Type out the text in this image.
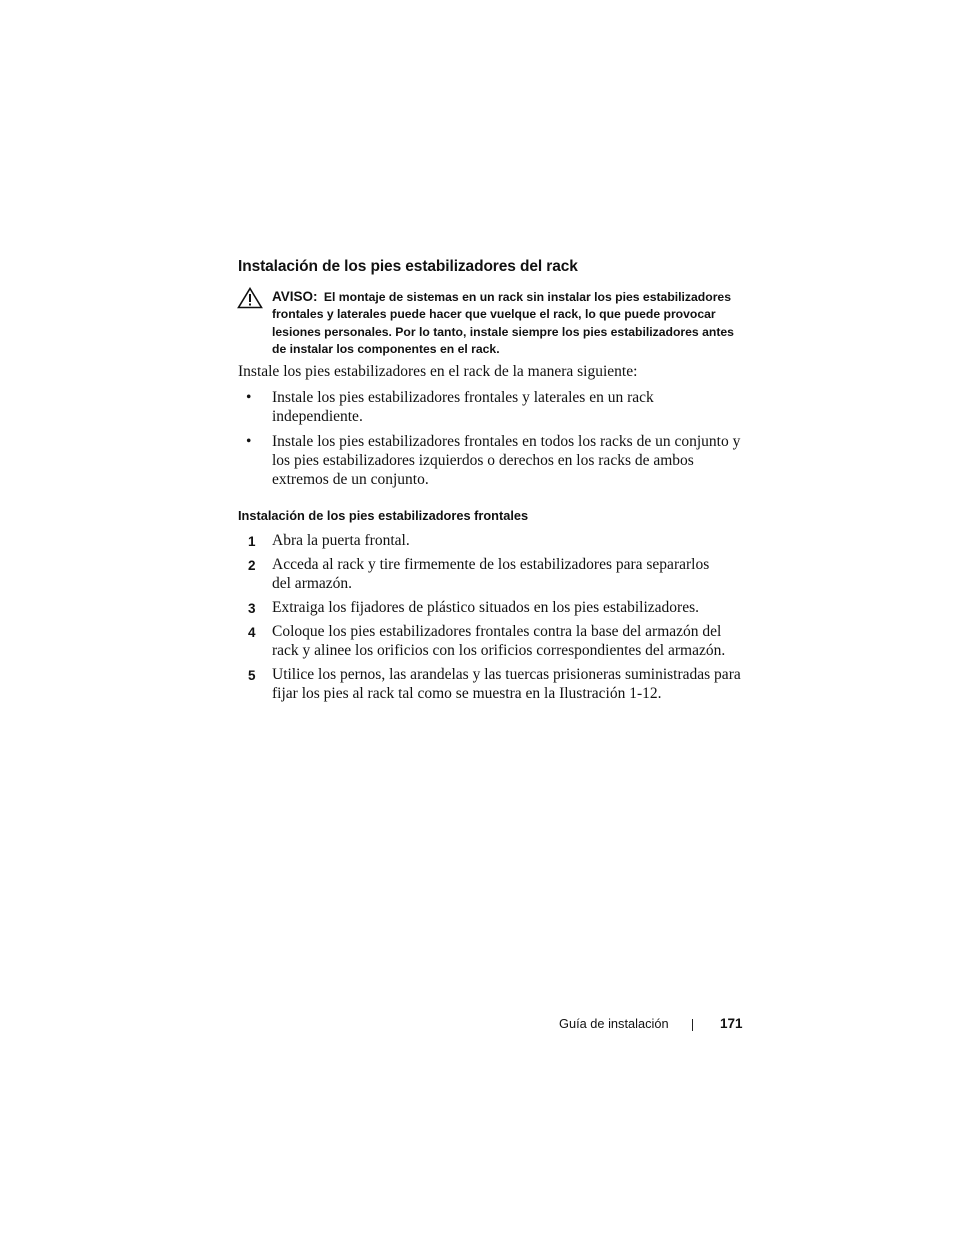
Instalación de los pies estabilizadores del rack
AVISO: El montaje de sistemas en un rack sin instalar los pies estabilizadores
frontales y laterales puede hacer que vuelque el rack, lo que puede provocar
lesiones personales. Por lo tanto, instale siempre los pies estabilizadores antes
de instalar los componentes en el rack.
Instale los pies estabilizadores en el rack de la manera siguiente:
• Instale los pies estabilizadores frontales y laterales en un rack
independiente.
• Instale los pies estabilizadores frontales en todos los racks de un conjunto y
los pies estabilizadores izquierdos o derechos en los racks de ambos
extremos de un conjunto.
Instalación de los pies estabilizadores frontales
1 Abra la puerta frontal.
2 Acceda al rack y tire firmemente de los estabilizadores para separarlos
del armazón.
3 Extraiga los fijadores de plástico situados en los pies estabilizadores.
4 Coloque los pies estabilizadores frontales contra la base del armazón del
rack y alinee los orificios con los orificios correspondientes del armazón.
5 Utilice los pernos, las arandelas y las tuercas prisioneras suministradas para
fijar los pies al rack tal como se muestra en la Ilustración 1-12.
Guía de instalación	171
